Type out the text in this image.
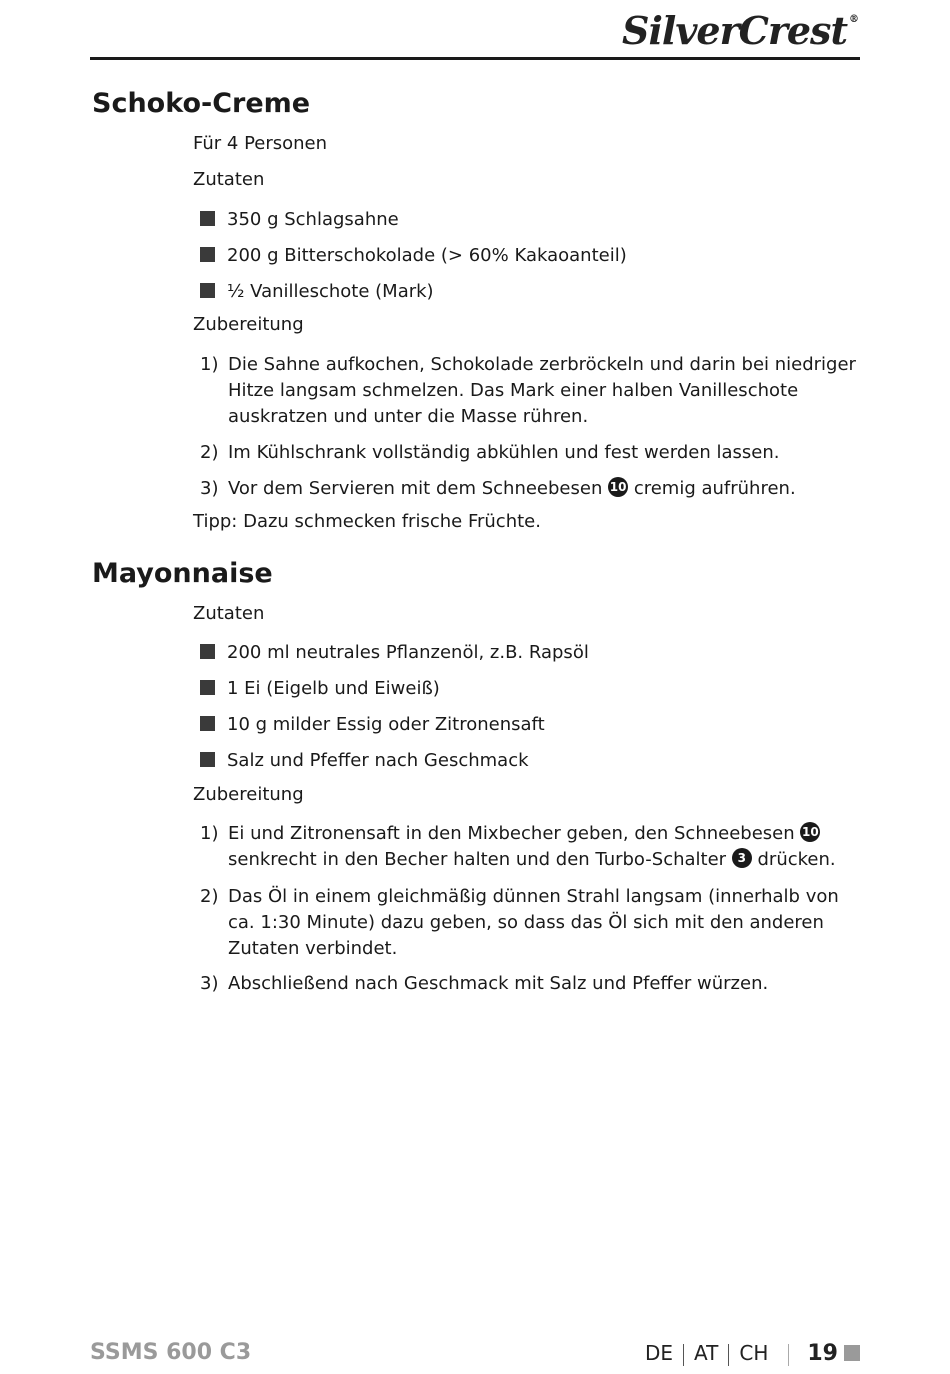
SilverCrest ®
Schoko-Creme

Für 4 Personen

Zutaten

350 g Schlagsahne
200 g Bitterschokolade (> 60% Kakaoanteil)
½ Vanilleschote (Mark)

Zubereitung

1) Die Sahne aufkochen, Schokolade zerbröckeln und darin bei niedriger Hitze langsam schmelzen. Das Mark einer halben Vanilleschote auskratzen und unter die Masse rühren.
2) Im Kühlschrank vollständig abkühlen und fest werden lassen.
3) Vor dem Servieren mit dem Schneebesen 10 cremig aufrühren.

Tipp: Dazu schmecken frische Früchte.

Mayonnaise

Zutaten

200 ml neutrales Pflanzenöl, z.B. Rapsöl
1 Ei (Eigelb und Eiweiß)
10 g milder Essig oder Zitronensaft
Salz und Pfeffer nach Geschmack

Zubereitung

1) Ei und Zitronensaft in den Mixbecher geben, den Schneebesen 10 senkrecht in den Becher halten und den Turbo-Schalter 3 drücken.
2) Das Öl in einem gleichmäßig dünnen Strahl langsam (innerhalb von ca. 1:30 Minute) dazu geben, so dass das Öl sich mit den anderen Zutaten verbindet.
3) Abschließend nach Geschmack mit Salz und Pfeffer würzen.
SSMS 600 C3	DE AT CH 19
